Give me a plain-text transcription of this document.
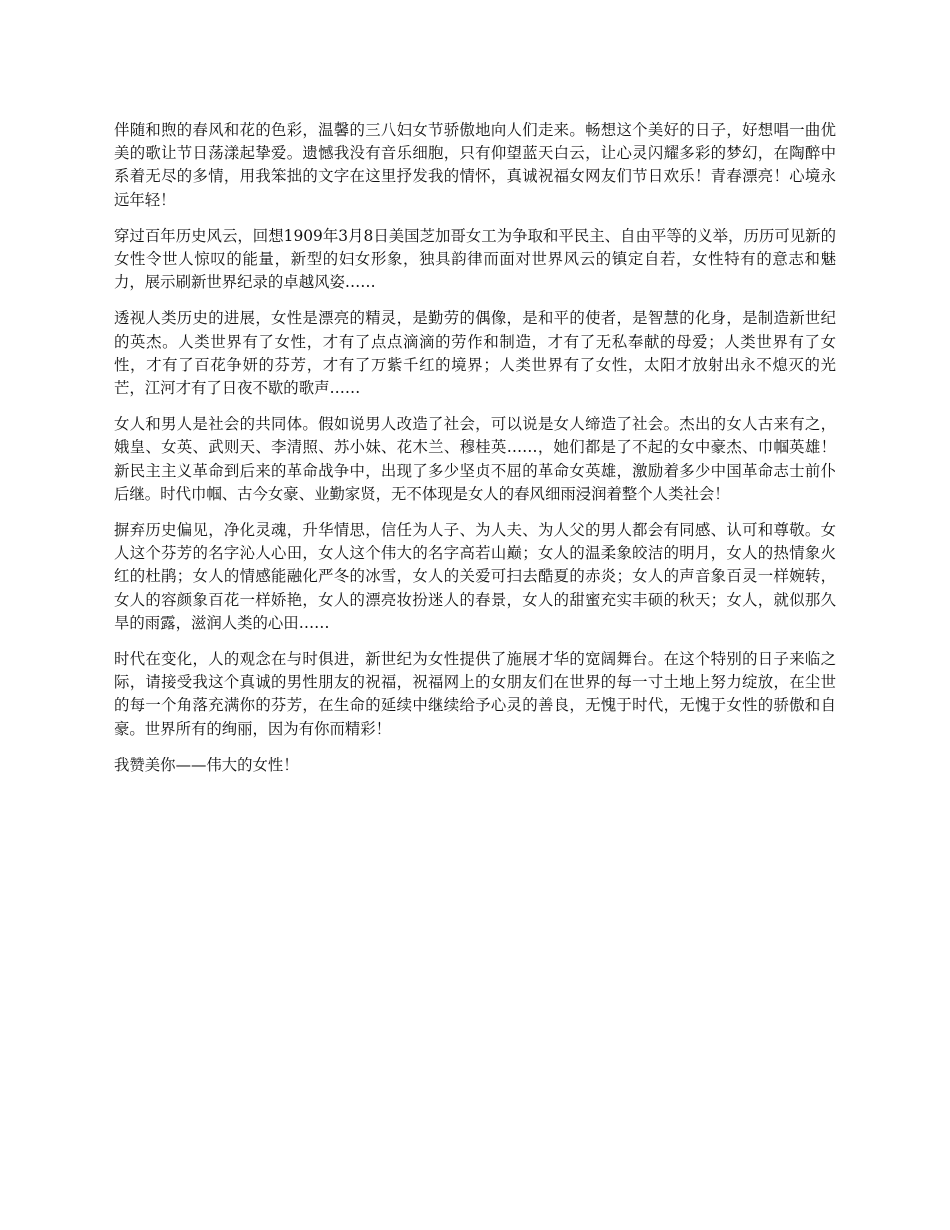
伴随和煦的春风和花的色彩，温馨的三八妇女节骄傲地向人们走来。畅想这个美好的日子，好想唱一曲优美的歌让节日荡漾起挚爱。遗憾我没有音乐细胞，只有仰望蓝天白云，让心灵闪耀多彩的梦幻，在陶醉中系着无尽的多情，用我笨拙的文字在这里抒发我的情怀，真诚祝福女网友们节日欢乐！青春漂亮！心境永远年轻！

穿过百年历史风云，回想1909年3月8日美国芝加哥女工为争取和平民主、自由平等的义举，历历可见新的女性令世人惊叹的能量，新型的妇女形象，独具韵律而面对世界风云的镇定自若，女性特有的意志和魅力，展示刷新世界纪录的卓越风姿……

透视人类历史的进展，女性是漂亮的精灵，是勤劳的偶像，是和平的使者，是智慧的化身，是制造新世纪的英杰。人类世界有了女性，才有了点点滴滴的劳作和制造，才有了无私奉献的母爱；人类世界有了女性，才有了百花争妍的芬芳，才有了万紫千红的境界；人类世界有了女性，太阳才放射出永不熄灭的光芒，江河才有了日夜不歇的歌声……

女人和男人是社会的共同体。假如说男人改造了社会，可以说是女人缔造了社会。杰出的女人古来有之，娥皇、女英、武则天、李清照、苏小妹、花木兰、穆桂英……，她们都是了不起的女中豪杰、巾帼英雄！新民主主义革命到后来的革命战争中，出现了多少坚贞不屈的革命女英雄，激励着多少中国革命志士前仆后继。时代巾帼、古今女豪、业勤家贤，无不体现是女人的春风细雨浸润着整个人类社会！

摒弃历史偏见，净化灵魂，升华情思，信任为人子、为人夫、为人父的男人都会有同感、认可和尊敬。女人这个芬芳的名字沁人心田，女人这个伟大的名字高若山巅；女人的温柔象皎洁的明月，女人的热情象火红的杜鹃；女人的情感能融化严冬的冰雪，女人的关爱可扫去酷夏的赤炎；女人的声音象百灵一样婉转，女人的容颜象百花一样娇艳，女人的漂亮妆扮迷人的春景，女人的甜蜜充实丰硕的秋天；女人，就似那久旱的雨露，滋润人类的心田……

时代在变化，人的观念在与时俱进，新世纪为女性提供了施展才华的宽阔舞台。在这个特别的日子来临之际，请接受我这个真诚的男性朋友的祝福，祝福网上的女朋友们在世界的每一寸土地上努力绽放，在尘世的每一个角落充满你的芬芳，在生命的延续中继续给予心灵的善良，无愧于时代，无愧于女性的骄傲和自豪。世界所有的绚丽，因为有你而精彩！

我赞美你——伟大的女性！
